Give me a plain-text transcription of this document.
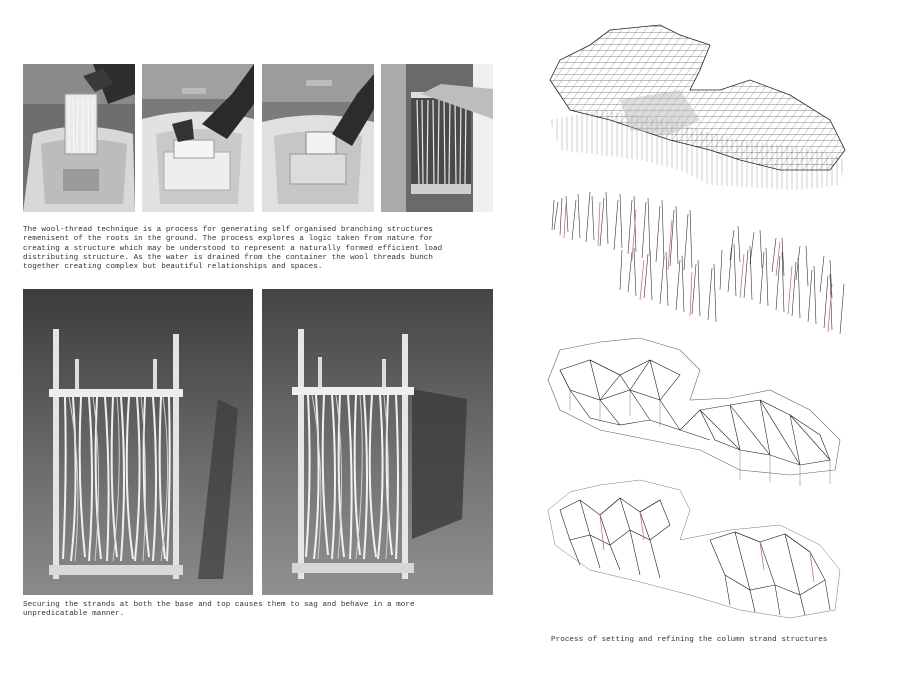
The wool-thread technique is a process for generating self organised branching structures
remenisent of the roots in the ground. The process explores a logic taken from nature for
creating a structure which may be understood to represent a naturally formed efficient load
distributing structure. As the water is drained from the container the wool threads bunch
together creating complex but beautiful relationships and spaces.
Securing the strands at both the base and top causes them to sag and behave in a more
unpredicatable manner.
Process of setting and refining the column strand structures
